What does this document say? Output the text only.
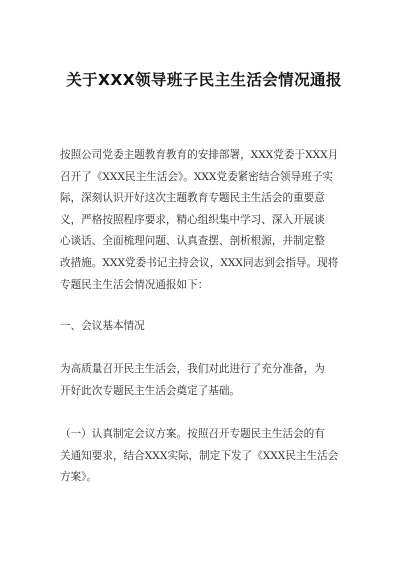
关于XXX领导班子民主生活会情况通报

按照公司党委主题教育教育的安排部署，XXX党委于XXX月
召开了《XXX民主生活会》。XXX党委紧密结合领导班子实
际，深刻认识开好这次主题教育专题民主生活会的重要意
义，严格按照程序要求，精心组织集中学习、深入开展谈
心谈话、全面梳理问题、认真查摆、剖析根源，并制定整
改措施。XXX党委书记主持会议，XXX同志到会指导。现将
专题民主生活会情况通报如下：

一、会议基本情况

为高质量召开民主生活会，我们对此进行了充分准备，为
开好此次专题民主生活会奠定了基础。

（一）认真制定会议方案。按照召开专题民主生活会的有
关通知要求，结合XXX实际，制定下发了《XXX民主生活会
方案》。
